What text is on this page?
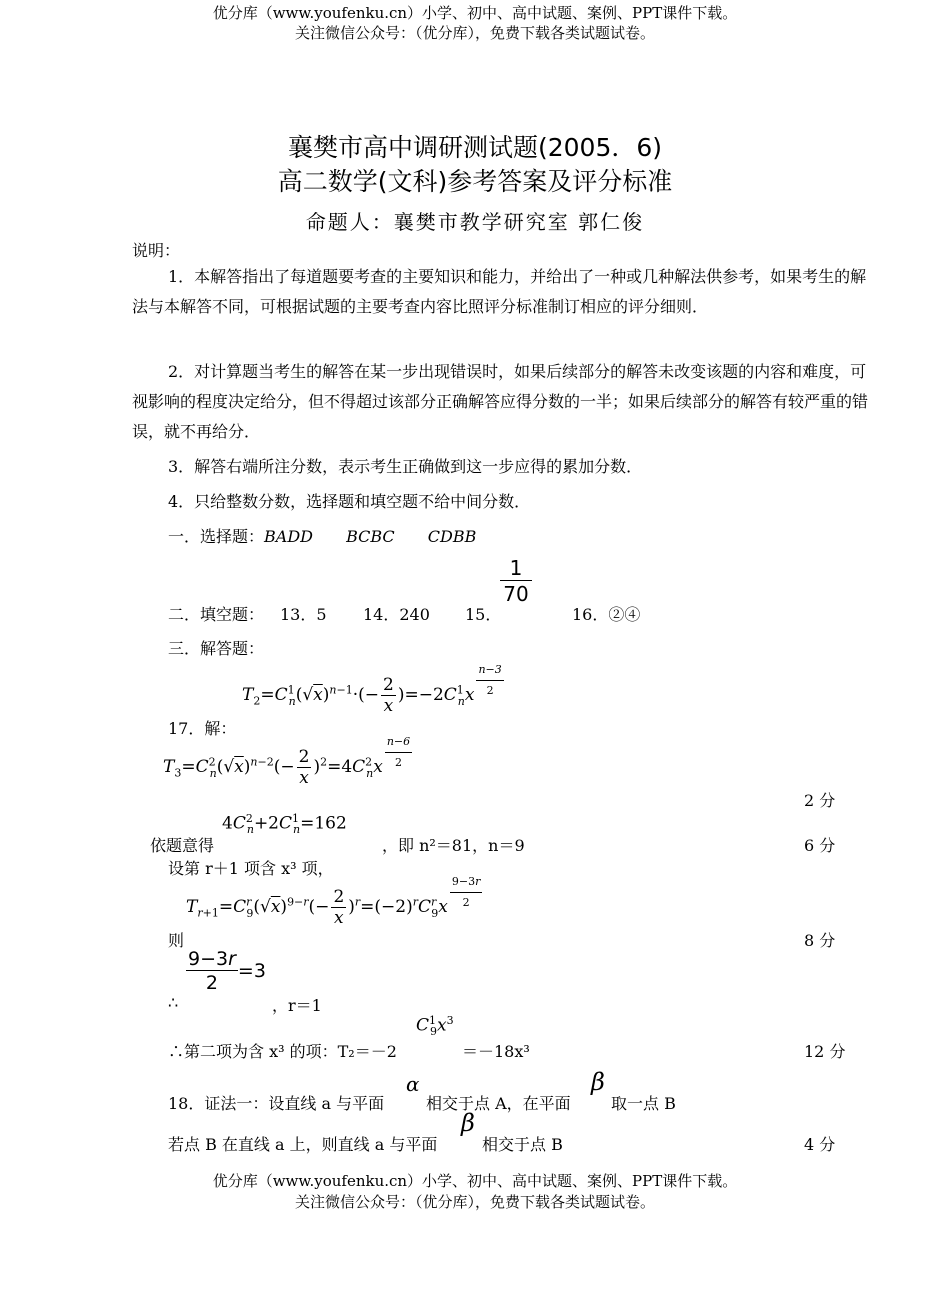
优分库（www.youfenku.cn）小学、初中、高中试题、案例、PPT课件下载。
关注微信公众号：（优分库），免费下载各类试题试卷。
襄樊市高中调研测试题(2005．6)
高二数学(文科)参考答案及评分标准
命题人：襄樊市教学研究室 郭仁俊
说明：
1．本解答指出了每道题要考查的主要知识和能力，并给出了一种或几种解法供参考，如果考生的解法与本解答不同，可根据试题的主要考查内容比照评分标准制订相应的评分细则．
2．对计算题当考生的解答在某一步出现错误时，如果后续部分的解答未改变该题的内容和难度，可视影响的程度决定给分，但不得超过该部分正确解答应得分数的一半；如果后续部分的解答有较严重的错误，就不再给分．
3．解答右端所注分数，表示考生正确做到这一步应得的累加分数．
4．只给整数分数，选择题和填空题不给中间分数．
一．选择题：BADD BCBC CDBB
二．填空题： 13．5 14．240 15．
$\frac{1}{70}$
16．②④
三．解答题：
$T_2=C^1_n(√x)^{n-1}\cdot(- \frac{2}{x} )=-2C^1_nx$ $^{\frac{n-3}{2}}$
17．解：
$T_3=C^2_n(√x)^{n-2}(- \frac{2}{x} )^2=4C^2_nx$ $^{\frac{n-6}{2}}$
2 分
$4C^2_n+2C^1_n=162$
依题意得	，即 n²＝81，n＝9	6 分
设第 r＋1 项含 x³ 项，
$T_{r+1}=C^r_9(√x)^{9-r}(- \frac{2}{x} )^r=(-2)^rC^r_9x$ $^{\frac{9-3r}{2}}$
则	8 分
$\frac{9-3r}{2} =3$
∴	，r＝1
$C^1_9x^3$
∴第二项为含 x³ 的项：T₂＝－2	＝－18x³	12 分
18．证法一：设直线 a 与平面
α
相交于点 A，在平面
β
取一点 B
若点 B 在直线 a 上，则直线 a 与平面
β
相交于点 B	4 分
优分库（www.youfenku.cn）小学、初中、高中试题、案例、PPT课件下载。
关注微信公众号：（优分库），免费下载各类试题试卷。
